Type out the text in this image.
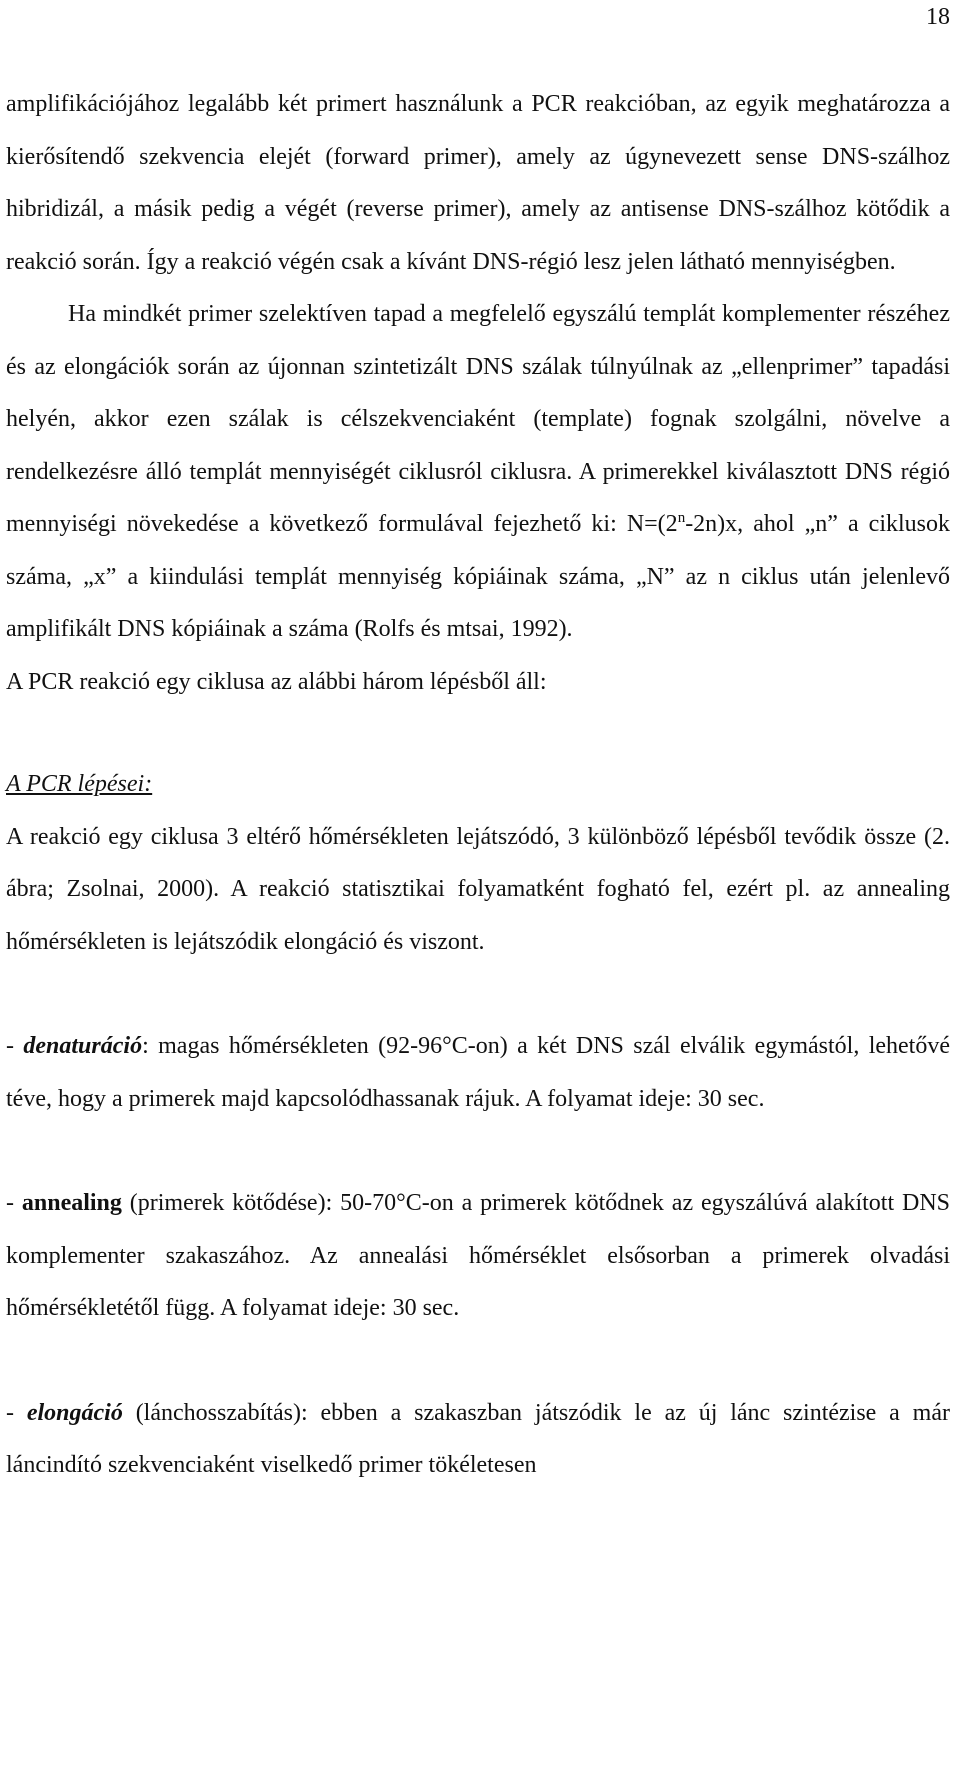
18

amplifikációjához legalább két primert használunk a PCR reakcióban, az egyik meghatározza a kierősítendő szekvencia elejét (forward primer), amely az úgynevezett sense DNS-szálhoz hibridizál, a másik pedig a végét (reverse primer), amely az antisense DNS-szálhoz kötődik a reakció során. Így a reakció végén csak a kívánt DNS-régió lesz jelen látható mennyiségben.

Ha mindkét primer szelektíven tapad a megfelelő egyszálú templát komplementer részéhez és az elongációk során az újonnan szintetizált DNS szálak túlnyúlnak az „ellenprimer” tapadási helyén, akkor ezen szálak is célszekvenciaként (template) fognak szolgálni, növelve a rendelkezésre álló templát mennyiségét ciklusról ciklusra. A primerekkel kiválasztott DNS régió mennyiségi növekedése a következő formulával fejezhető ki: $N=(2^n-2n)x$, ahol „n” a ciklusok száma, „x” a kiindulási templát mennyiség kópiáinak száma, „N” az n ciklus után jelenlevő amplifikált DNS kópiáinak a száma (Rolfs és mtsai, 1992).

A PCR reakció egy ciklusa az alábbi három lépésből áll:

A PCR lépései:

A reakció egy ciklusa 3 eltérő hőmérsékleten lejátszódó, 3 különböző lépésből tevődik össze (2. ábra; Zsolnai, 2000). A reakció statisztikai folyamatként fogható fel, ezért pl. az annealing hőmérsékleten is lejátszódik elongáció és viszont.

- denaturáció: magas hőmérsékleten (92-96°C-on) a két DNS szál elválik egymástól, lehetővé téve, hogy a primerek majd kapcsolódhassanak rájuk. A folyamat ideje: 30 sec.

- annealing (primerek kötődése): 50-70°C-on a primerek kötődnek az egyszálúvá alakított DNS komplementer szakaszához. Az annealási hőmérséklet elsősorban a primerek olvadási hőmérsékletétől függ. A folyamat ideje: 30 sec.

- elongáció (lánchosszabítás): ebben a szakaszban játszódik le az új lánc szintézise a már láncindító szekvenciaként viselkedő primer tökéletesen
